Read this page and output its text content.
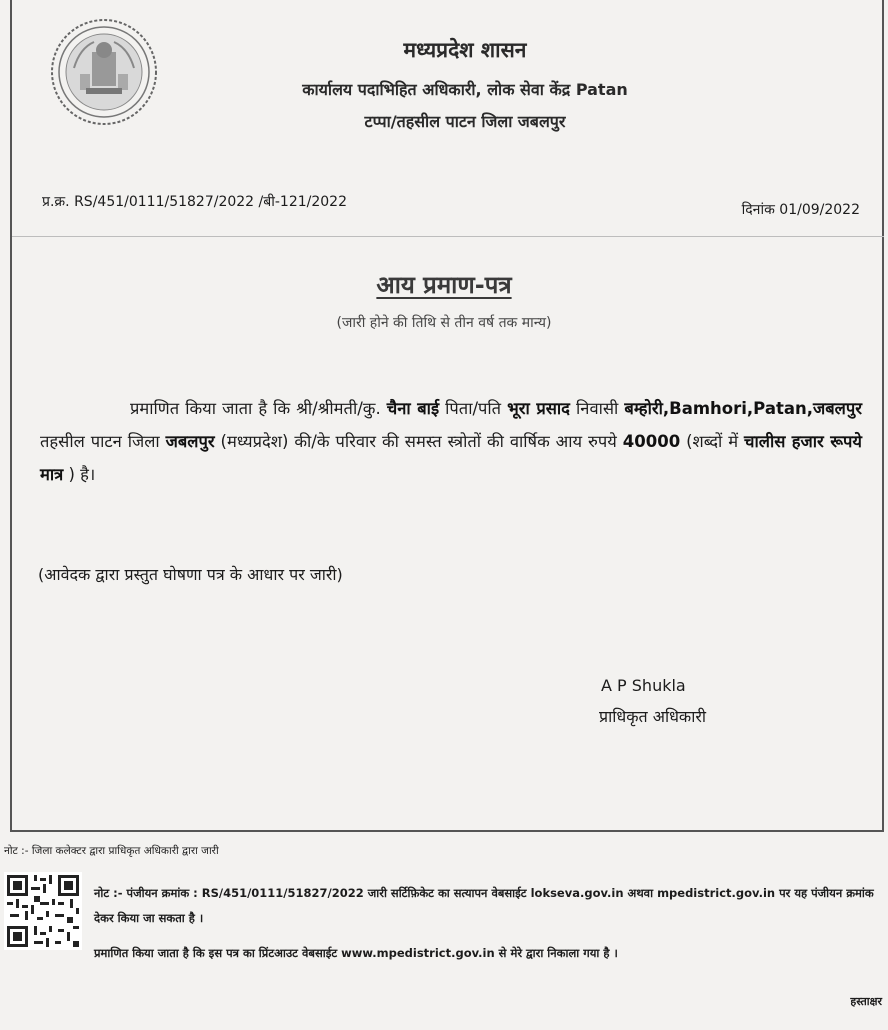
मध्यप्रदेश शासन
कार्यालय पदाभिहित अधिकारी, लोक सेवा केंद्र Patan
टप्पा/तहसील पाटन जिला जबलपुर
प्र.क्र. RS/451/0111/51827/2022 /बी-121/2022	दिनांक 01/09/2022
आय प्रमाण-पत्र
(जारी होने की तिथि से तीन वर्ष तक मान्य)
प्रमाणित किया जाता है कि श्री/श्रीमती/कु. चैना बाई पिता/पति भूरा प्रसाद निवासी बम्होरी,Bamhori,Patan,जबलपुर तहसील पाटन जिला जबलपुर (मध्यप्रदेश) की/के परिवार की समस्त स्त्रोतों की वार्षिक आय रुपये 40000 (शब्दों में चालीस हजार रूपये मात्र ) है।
(आवेदक द्वारा प्रस्तुत घोषणा पत्र के आधार पर जारी)
A P Shukla
प्राधिकृत अधिकारी
नोट :- जिला कलेक्टर द्वारा प्राधिकृत अधिकारी द्वारा जारी
नोट :- पंजीयन क्रमांक : RS/451/0111/51827/2022 जारी सर्टिफ़िकेट का सत्यापन वेबसाईट lokseva.gov.in अथवा mpedistrict.gov.in पर यह पंजीयन क्रमांक देकर किया जा सकता है ।
प्रमाणित किया जाता है कि इस पत्र का प्रिंटआउट वेबसाईट www.mpedistrict.gov.in से मेरे द्वारा निकाला गया है ।
हस्ताक्षर
